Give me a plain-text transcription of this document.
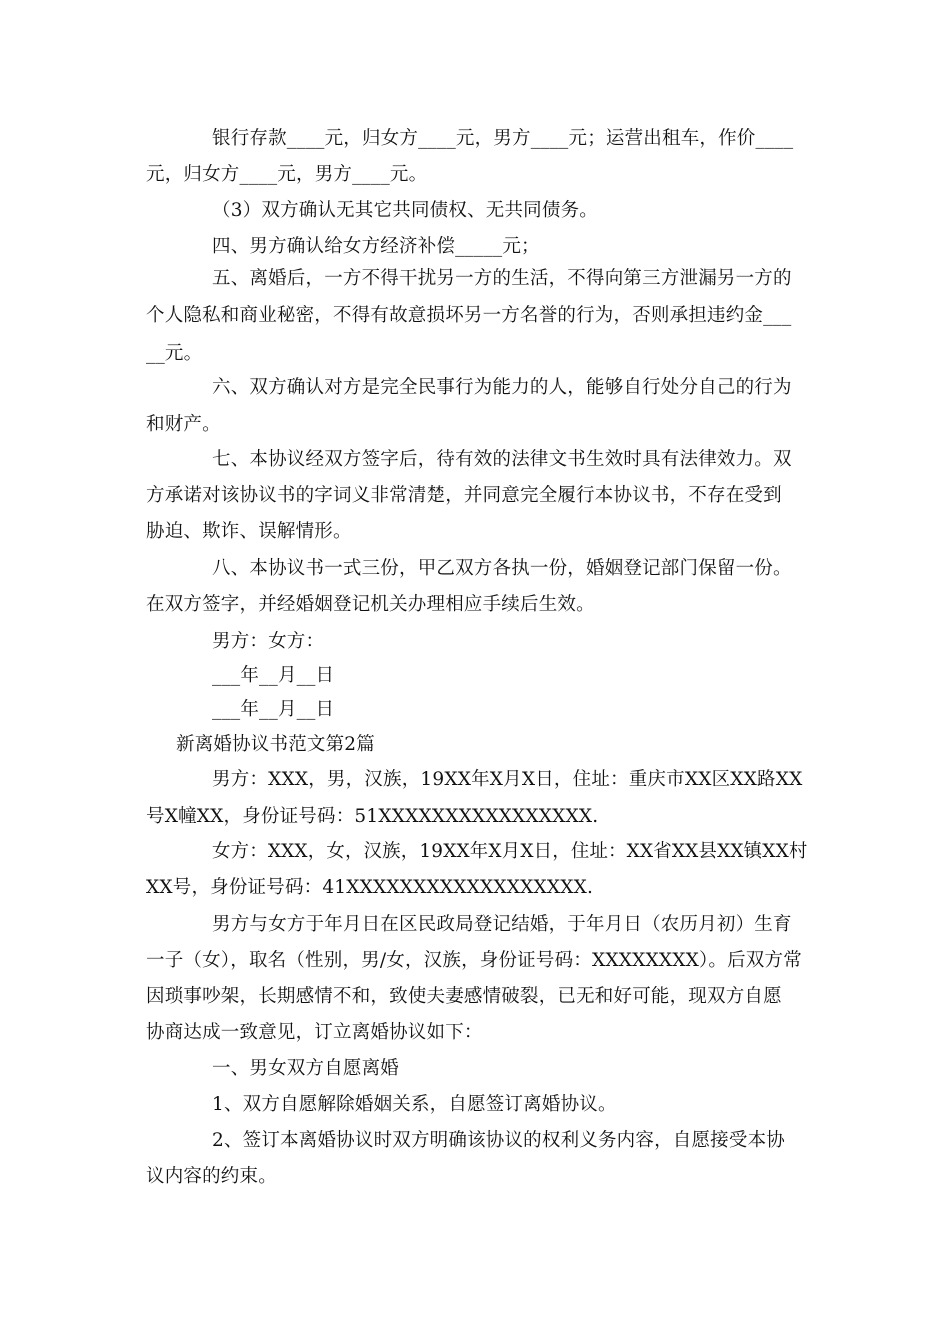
银行存款____元，归女方____元，男方____元；运营出租车，作价____
元，归女方____元，男方____元。
（3）双方确认无其它共同债权、无共同债务。
四、男方确认给女方经济补偿_____元；
五、离婚后，一方不得干扰另一方的生活，不得向第三方泄漏另一方的
个人隐私和商业秘密，不得有故意损坏另一方名誉的行为，否则承担违约金___
__元。
六、双方确认对方是完全民事行为能力的人，能够自行处分自己的行为
和财产。
七、本协议经双方签字后，待有效的法律文书生效时具有法律效力。双
方承诺对该协议书的字词义非常清楚，并同意完全履行本协议书，不存在受到
胁迫、欺诈、误解情形。
八、本协议书一式三份，甲乙双方各执一份，婚姻登记部门保留一份。
在双方签字，并经婚姻登记机关办理相应手续后生效。
男方：女方：
___年__月__日
___年__月__日
新离婚协议书范文第2篇
男方：XXX，男，汉族，19XX年X月X日，住址：重庆市XX区XX路XX
号X幢XX，身份证号码：51XXXXXXXXXXXXXXXX.
女方：XXX，女，汉族，19XX年X月X日，住址：XX省XX县XX镇XX村
XX号，身份证号码：41XXXXXXXXXXXXXXXXXX.
男方与女方于年月日在区民政局登记结婚，于年月日（农历月初）生育
一子（女），取名（性别，男/女，汉族，身份证号码：XXXXXXXX）。后双方常
因琐事吵架，长期感情不和，致使夫妻感情破裂，已无和好可能，现双方自愿
协商达成一致意见，订立离婚协议如下：
一、男女双方自愿离婚
1、双方自愿解除婚姻关系，自愿签订离婚协议。
2、签订本离婚协议时双方明确该协议的权利义务内容，自愿接受本协
议内容的约束。
